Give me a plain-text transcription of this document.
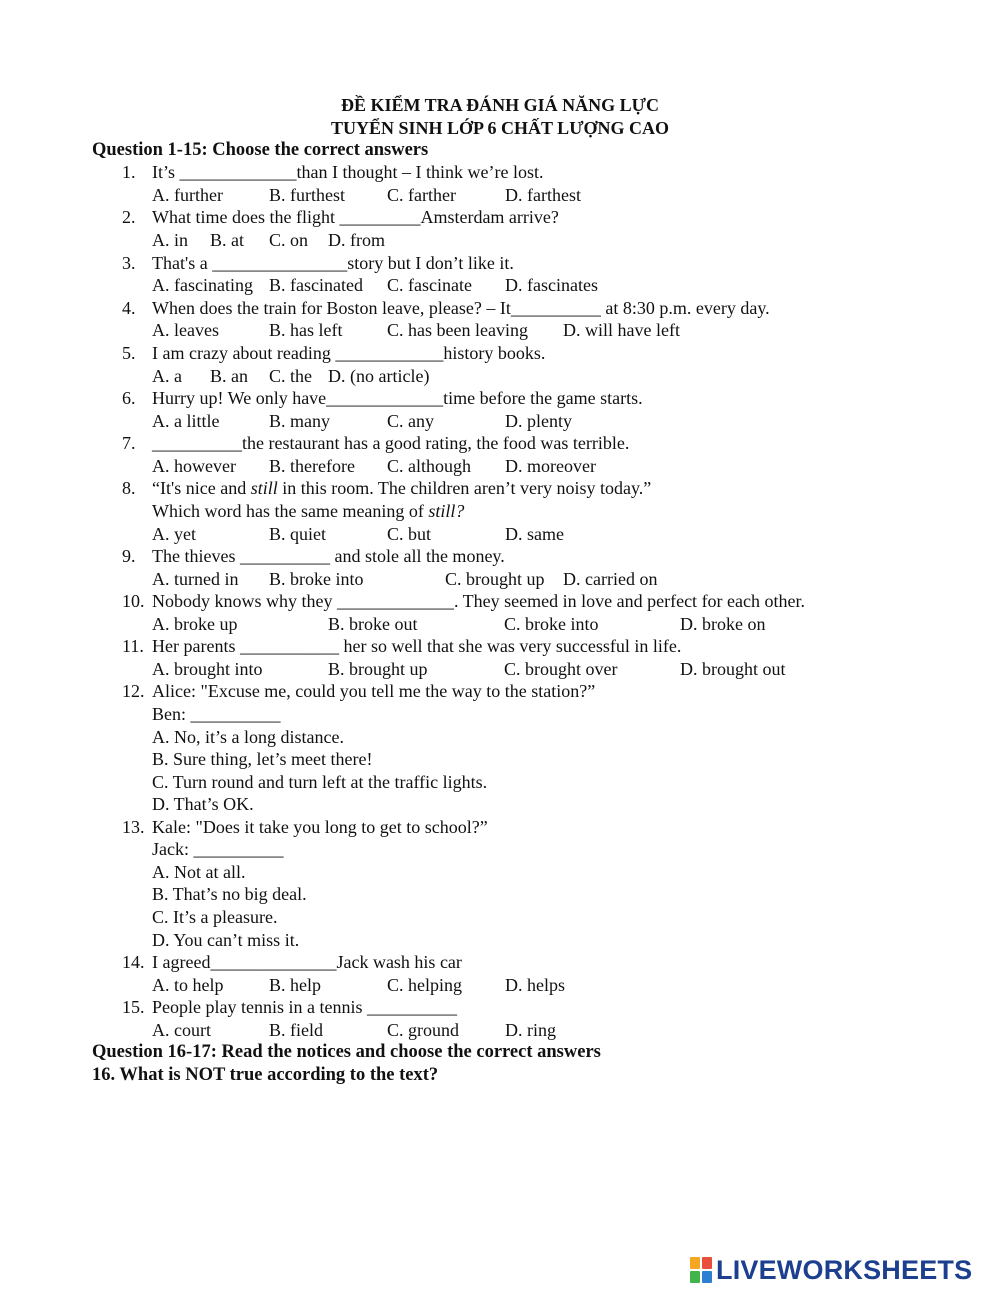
ĐỀ KIỂM TRA ĐÁNH GIÁ NĂNG LỰC
TUYỂN SINH LỚP 6 CHẤT LƯỢNG CAO
Question 1-15: Choose the correct answers
1. It’s _____________than I thought – I think we’re lost.
A. further	B. furthest C. farther	D. farthest
2. What time does the flight _________Amsterdam arrive?
A. in B. at C. on D. from
3. That's a _______________story but I don’t like it.
A. fascinating B. fascinated C. fascinate D. fascinates
4. When does the train for Boston leave, please? – It__________ at 8:30 p.m. every day.
A. leaves	B. has left C. has been leaving D. will have left
5. I am crazy about reading ____________history books.
A. a B. an C. the D. (no article)
6. Hurry up! We only have_____________time before the game starts.
A. a little	B. many	C. any	D. plenty
7. __________the restaurant has a good rating, the food was terrible.
A. however B. therefore C. although D. moreover
8. “It's nice and still in this room. The children aren’t very noisy today.”
Which word has the same meaning of still?
A. yet	B. quiet	C. but	D. same
9. The thieves __________ and stole all the money.
A. turned in B. broke into	C. brought up D. carried on
10. Nobody knows why they _____________. They seemed in love and perfect for each other.
A. broke up	B. broke out	C. broke into	D. broke on
11. Her parents ___________ her so well that she was very successful in life.
A. brought into	B. brought up	C. brought over	D. brought out
12. Alice: "Excuse me, could you tell me the way to the station?”
Ben: __________
A. No, it’s a long distance.
B. Sure thing, let’s meet there!
C. Turn round and turn left at the traffic lights.
D. That’s OK.
13. Kale: "Does it take you long to get to school?”
Jack: __________
A. Not at all.
B. That’s no big deal.
C. It’s a pleasure.
D. You can’t miss it.
14. I agreed______________Jack wash his car
A. to help	B. help	C. helping D. helps
15. People play tennis in a tennis __________
A. court	B. field	C. ground	D. ring
Question 16-17: Read the notices and choose the correct answers
16. What is NOT true according to the text?
LIVEWORKSHEETS
